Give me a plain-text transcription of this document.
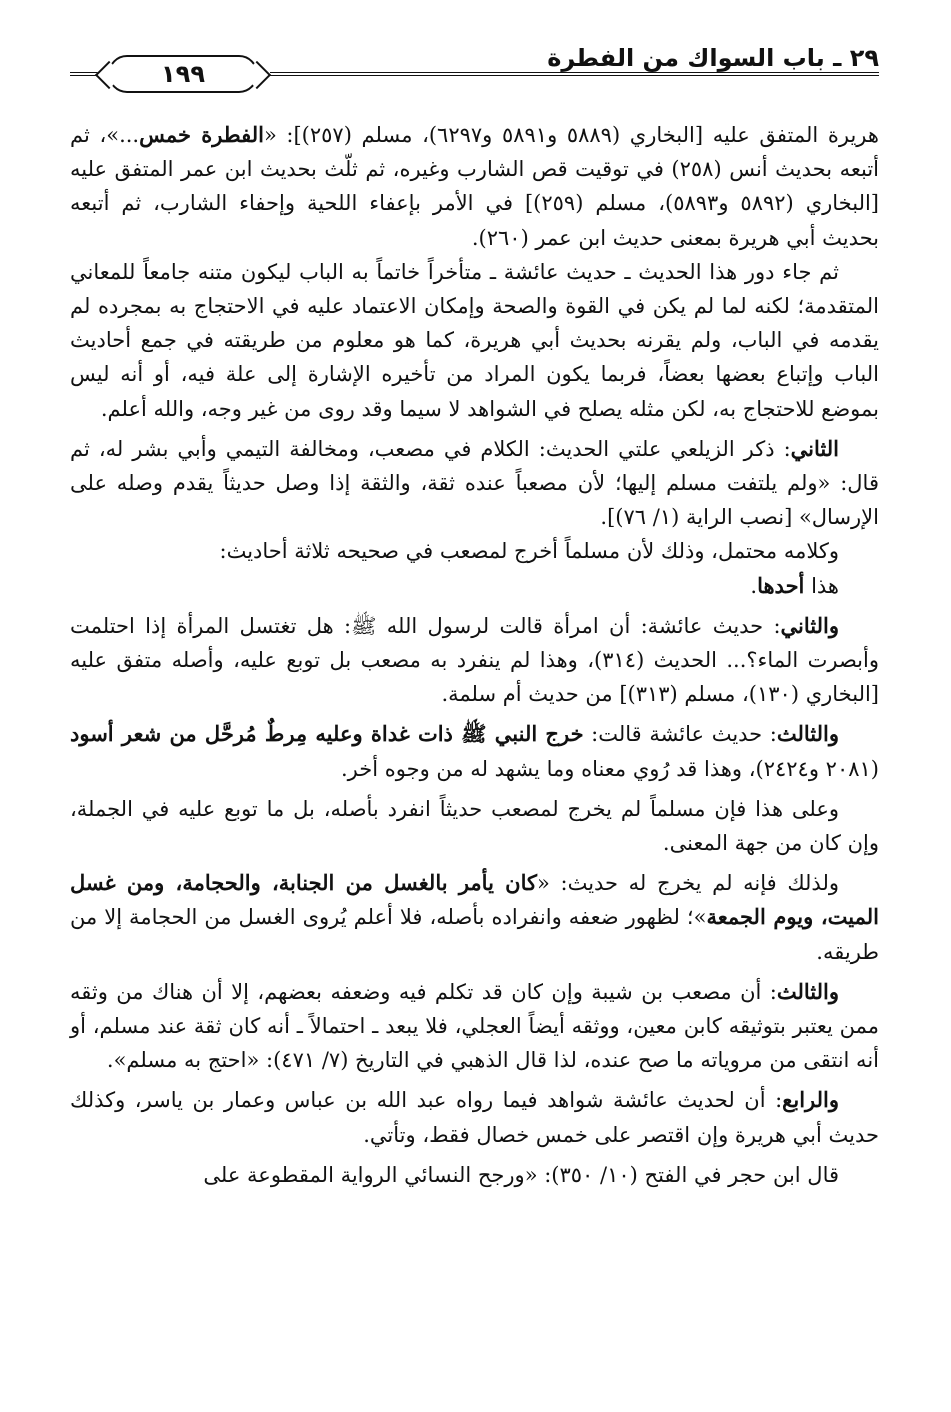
٢٩ ـ باب السواك من الفطرة
١٩٩

هريرة المتفق عليه [البخاري (٥٨٨٩ و٥٨٩١ و٦٢٩٧)، مسلم (٢٥٧)]: «الفطرة خمس...»، ثم أتبعه بحديث أنس (٢٥٨) في توقيت قص الشارب وغيره، ثم ثلّث بحديث ابن عمر المتفق عليه [البخاري (٥٨٩٢ و٥٨٩٣)، مسلم (٢٥٩)] في الأمر بإعفاء اللحية وإحفاء الشارب، ثم أتبعه بحديث أبي هريرة بمعنى حديث ابن عمر (٢٦٠).

ثم جاء دور هذا الحديث ـ حديث عائشة ـ متأخراً خاتماً به الباب ليكون متنه جامعاً للمعاني المتقدمة؛ لكنه لما لم يكن في القوة والصحة وإمكان الاعتماد عليه في الاحتجاج به بمجرده لم يقدمه في الباب، ولم يقرنه بحديث أبي هريرة، كما هو معلوم من طريقته في جمع أحاديث الباب وإتباع بعضها بعضاً، فربما يكون المراد من تأخيره الإشارة إلى علة فيه، أو أنه ليس بموضع للاحتجاج به، لكن مثله يصلح في الشواهد لا سيما وقد روى من غير وجه، والله أعلم.

الثاني: ذكر الزيلعي علتي الحديث: الكلام في مصعب، ومخالفة التيمي وأبي بشر له، ثم قال: «ولم يلتفت مسلم إليها؛ لأن مصعباً عنده ثقة، والثقة إذا وصل حديثاً يقدم وصله على الإرسال» [نصب الراية (١/ ٧٦)].

وكلامه محتمل، وذلك لأن مسلماً أخرج لمصعب في صحيحه ثلاثة أحاديث:

هذا أحدها.

والثاني: حديث عائشة: أن امرأة قالت لرسول الله ﷺ: هل تغتسل المرأة إذا احتلمت وأبصرت الماء؟... الحديث (٣١٤)، وهذا لم ينفرد به مصعب بل توبع عليه، وأصله متفق عليه [البخاري (١٣٠)، مسلم (٣١٣)] من حديث أم سلمة.

والثالث: حديث عائشة قالت: خرج النبي ﷺ ذات غداة وعليه مِرطٌ مُرحَّل من شعر أسود (٢٠٨١ و٢٤٢٤)، وهذا قد رُوي معناه وما يشهد له من وجوه أخر.

وعلى هذا فإن مسلماً لم يخرج لمصعب حديثاً انفرد بأصله، بل ما توبع عليه في الجملة، وإن كان من جهة المعنى.

ولذلك فإنه لم يخرج له حديث: «كان يأمر بالغسل من الجنابة، والحجامة، ومن غسل الميت، ويوم الجمعة»؛ لظهور ضعفه وانفراده بأصله، فلا أعلم يُروى الغسل من الحجامة إلا من طريقه.

والثالث: أن مصعب بن شيبة وإن كان قد تكلم فيه وضعفه بعضهم، إلا أن هناك من وثقه ممن يعتبر بتوثيقه كابن معين، ووثقه أيضاً العجلي، فلا يبعد ـ احتمالاً ـ أنه كان ثقة عند مسلم، أو أنه انتقى من مروياته ما صح عنده، لذا قال الذهبي في التاريخ (٧/ ٤٧١): «احتج به مسلم».

والرابع: أن لحديث عائشة شواهد فيما رواه عبد الله بن عباس وعمار بن ياسر، وكذلك حديث أبي هريرة وإن اقتصر على خمس خصال فقط، وتأتي.

قال ابن حجر في الفتح (١٠/ ٣٥٠): «ورجح النسائي الرواية المقطوعة على
